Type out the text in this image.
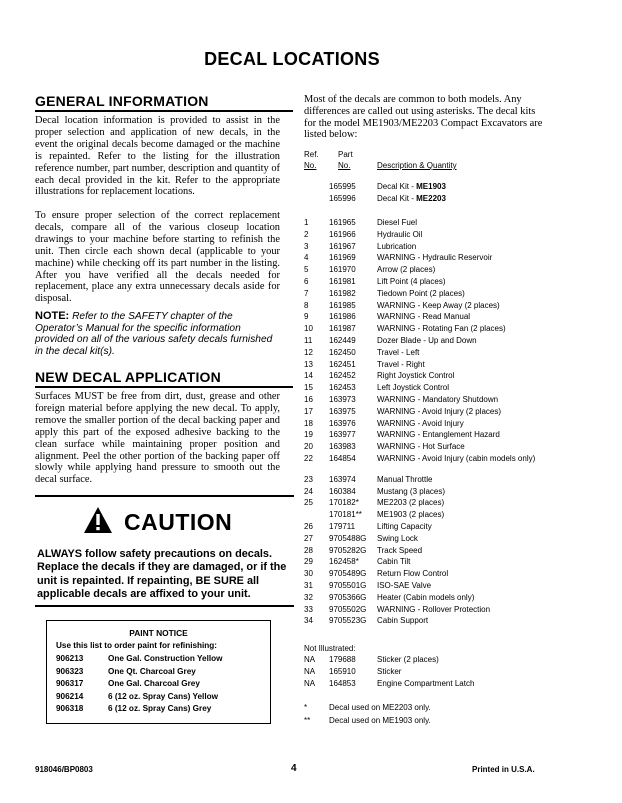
DECAL LOCATIONS
GENERAL INFORMATION

Decal location information is provided to assist in the proper selection and application of new decals, in the event the original decals become damaged or the machine is repainted. Refer to the listing for the illustration reference number, part number, description and quantity of each decal provided in the kit. Refer to the appropriate illustrations for replacement locations.

To ensure proper selection of the correct replacement decals, compare all of the various closeup location drawings to your machine before starting to refinish the unit. Then circle each shown decal (applicable to your machine) while checking off its part number in the listing. After you have verified all the decals needed for replacement, place any extra unnecessary decals aside for disposal.

NOTE: Refer to the SAFETY chapter of the Operator’s Manual for the specific information provided on all of the various safety decals furnished in the decal kit(s).

NEW DECAL APPLICATION

Surfaces MUST be free from dirt, dust, grease and other foreign material before applying the new decal. To apply, remove the smaller portion of the decal backing paper and apply this part of the exposed adhesive backing to the clean surface while maintaining proper position and alignment. Peel the other portion of the backing paper off slowly while applying hand pressure to smooth out the decal surface.

CAUTION

ALWAYS follow safety precautions on decals. Replace the decals if they are damaged, or if the unit is repainted. If repainting, BE SURE all applicable decals are affixed to your unit.

PAINT NOTICE
Use this list to order paint for refinishing:
906213	One Gal. Construction Yellow
906323	One Qt. Charcoal Grey
906317	One Gal. Charcoal Grey
906214	6 (12 oz. Spray Cans) Yellow
906318	6 (12 oz. Spray Cans) Grey

Most of the decals are common to both models. Any differences are called out using asterisks. The decal kits for the model ME1903/ME2203 Compact Excavators are listed below:

Ref.
No.
Part
No.	Description & Quantity
165995	Decal Kit - ME1903
165996	Decal Kit - ME2203
1	161965	Diesel Fuel
2	161966	Hydraulic Oil
3	161967	Lubrication
4	161969	WARNING - Hydraulic Reservoir
5	161970	Arrow (2 places)
6	161981	Lift Point (4 places)
7	161982	Tiedown Point (2 places)
8	161985	WARNING - Keep Away (2 places)
9	161986	WARNING - Read Manual
10	161987	WARNING - Rotating Fan (2 places)
11	162449	Dozer Blade - Up and Down
12	162450	Travel - Left
13	162451	Travel - Right
14	162452	Right Joystick Control
15	162453	Left Joystick Control
16	163973	WARNING - Mandatory Shutdown
17	163975	WARNING - Avoid Injury (2 places)
18	163976	WARNING - Avoid Injury
19	163977	WARNING - Entanglement Hazard
20	163983	WARNING - Hot Surface
22	164854	WARNING - Avoid Injury (cabin models only)
23	163974	Manual Throttle
24	160384	Mustang (3 places)
25	170182*	ME2203 (2 places)
170181**	ME1903 (2 places)
26	179711	Lifting Capacity
27	9705488G	Swing Lock
28	9705282G	Track Speed
29	162458*	Cabin Tilt
30	9705489G	Return Flow Control
31	9705501G	ISO-SAE Valve
32	9705366G	Heater (Cabin models only)
33	9705502G	WARNING - Rollover Protection
34	9705523G	Cabin Support
Not Illustrated:
NA	179688	Sticker (2 places)
NA	165910	Sticker
NA	164853	Engine Compartment Latch
*	Decal used on ME2203 only.
**	Decal used on ME1903 only.
918046/BP0803	4	Printed in U.S.A.
